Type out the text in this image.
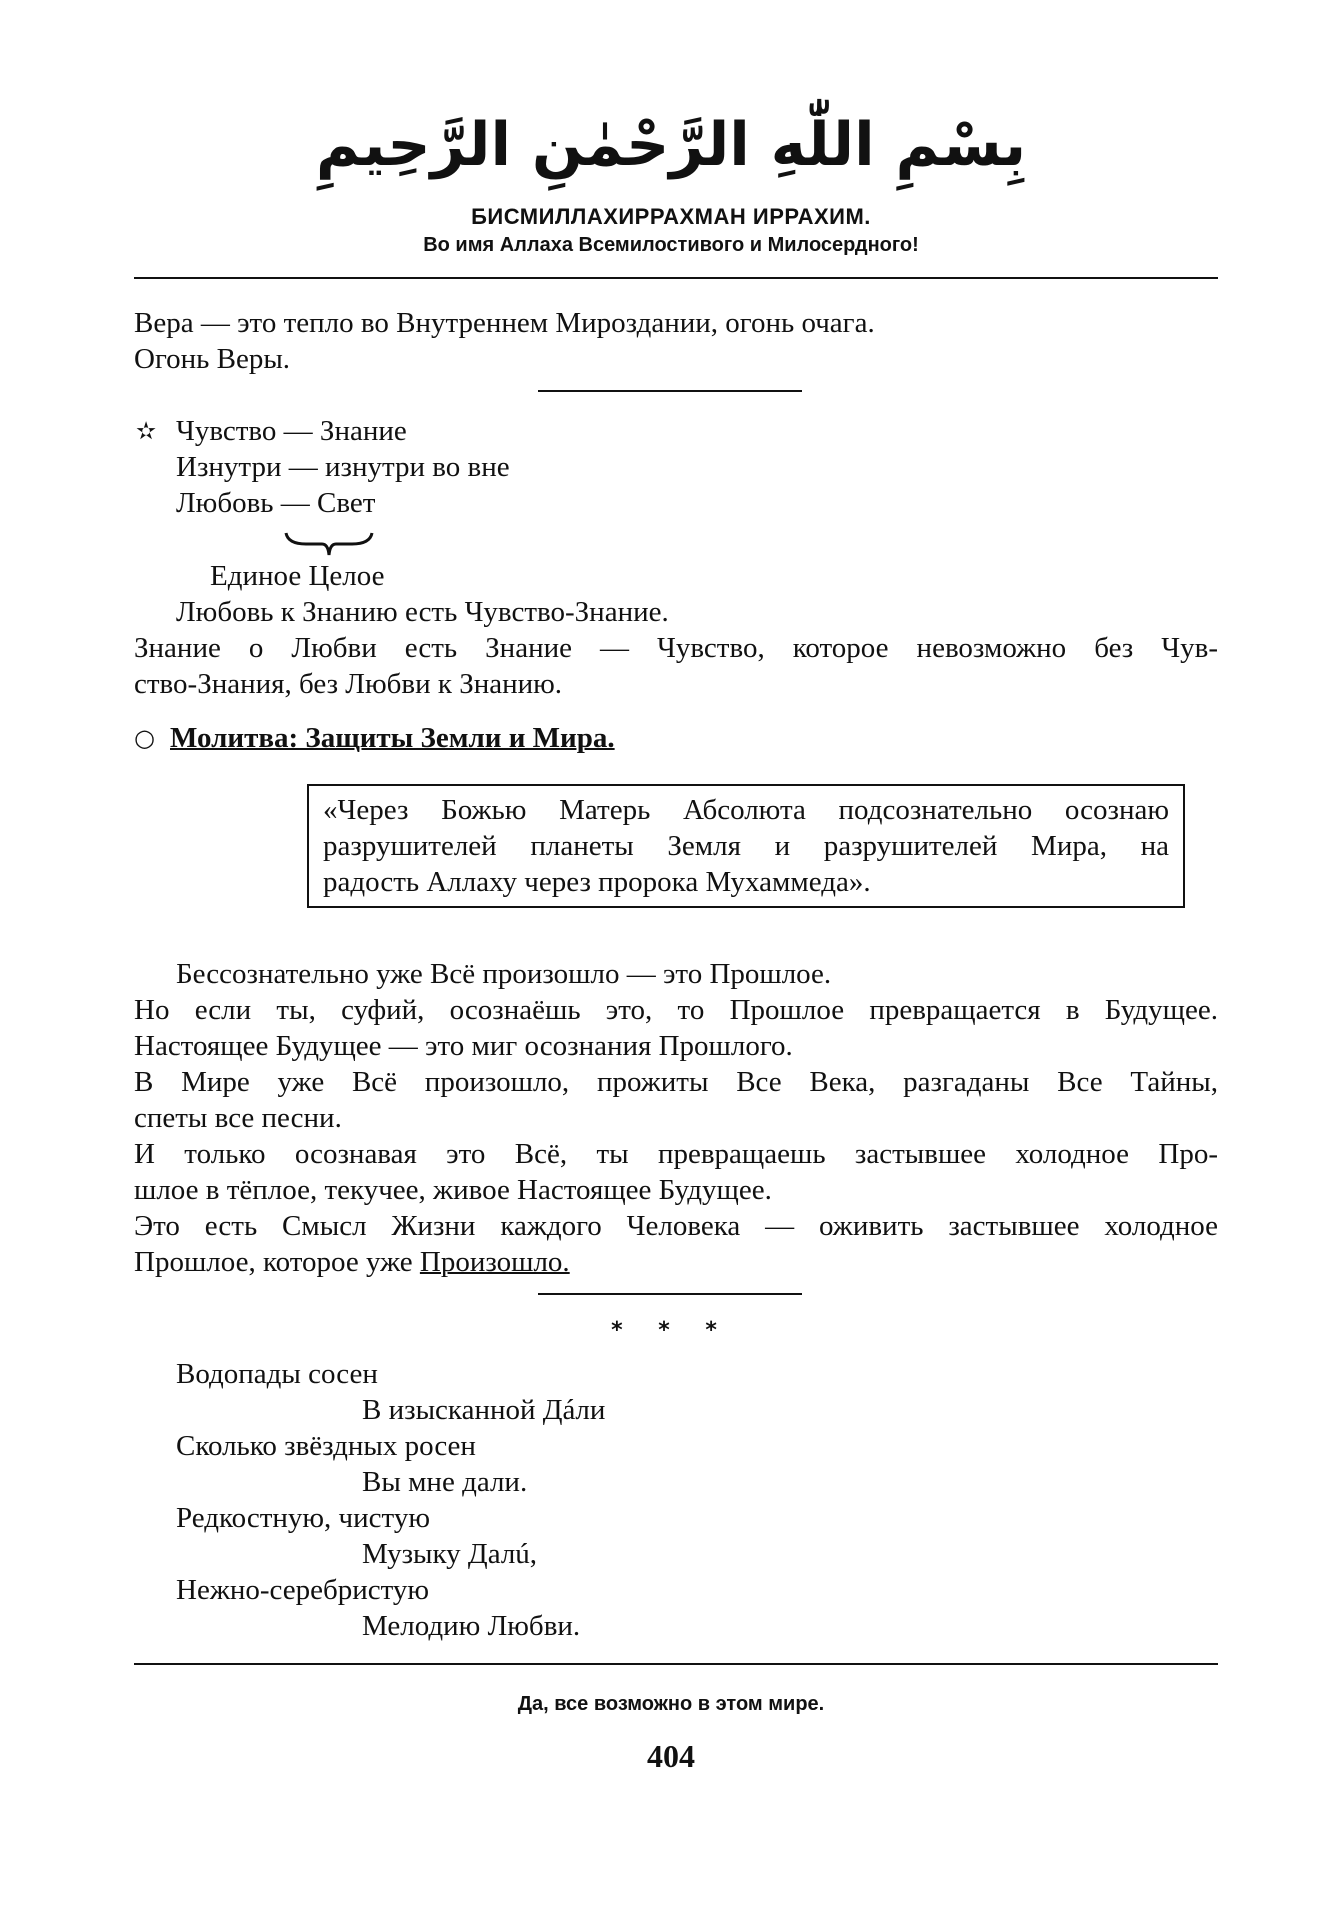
بِسْمِ اللّٰهِ الرَّحْمٰنِ الرَّحِيمِ
БИСМИЛЛАХИРРАХМАН ИРРАХИМ.
Во имя Аллаха Всемилостивого и Милосердного!
Вера — это тепло во Внутреннем Мироздании, огонь очага.
Огонь Веры.
✫ Чувство — Знание
Изнутри — изнутри во вне
Любовь — Свет
Единое Целое
Любовь к Знанию есть Чувство-Знание.
Знание о Любви есть Знание — Чувство, которое невозможно без Чув-
ство-Знания, без Любви к Знанию.
○ Молитва: Защиты Земли и Мира.
«Через Божью Матерь Абсолюта подсознательно осознаю
разрушителей планеты Земля и разрушителей Мира, на
радость Аллаху через пророка Мухаммеда».
Бессознательно уже Всё произошло — это Прошлое.
Но если ты, суфий, осознаёшь это, то Прошлое превращается в Будущее.
Настоящее Будущее — это миг осознания Прошлого.
В Мире уже Всё произошло, прожиты Все Века, разгаданы Все Тайны,
спеты все песни.
И только осознавая это Всё, ты превращаешь застывшее холодное Про-
шлое в тёплое, текучее, живое Настоящее Будущее.
Это есть Смысл Жизни каждого Человека — оживить застывшее холодное
Прошлое, которое уже Произошло.
* * *
Водопады сосен
В изысканной Дáли
Сколько звёздных росен
Вы мне дали.
Редкостную, чистую
Музыку Далú,
Нежно-серебристую
Мелодию Любви.
Да, все возможно в этом мире.
404
